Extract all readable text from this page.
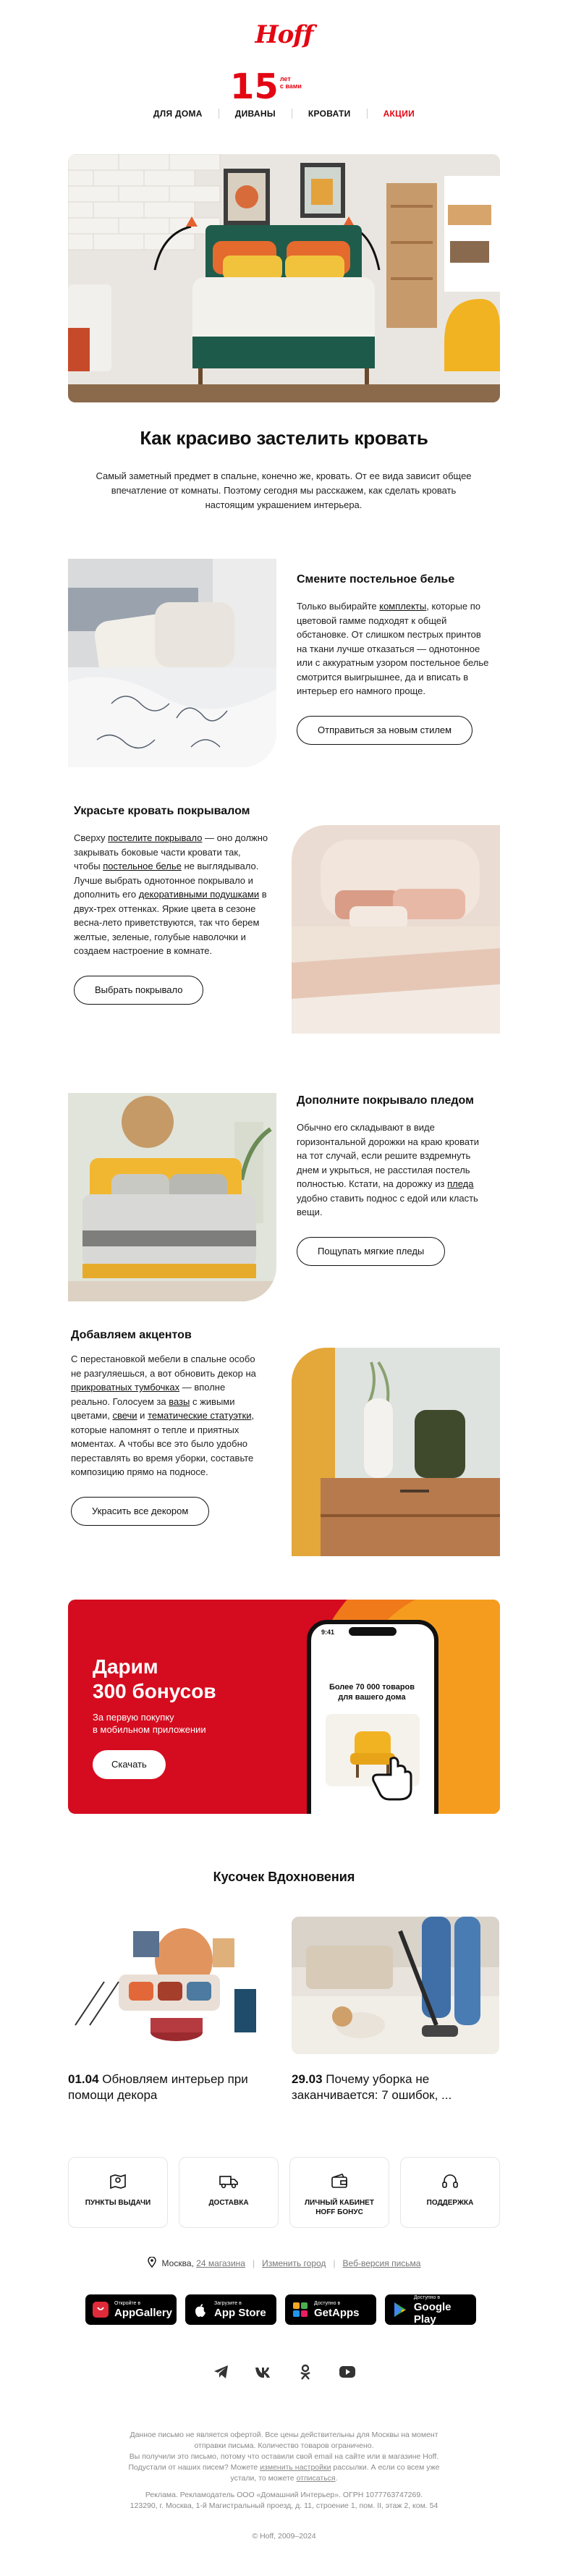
Hoff
15 лет
с вами
ДЛЯ ДОМА	ДИВАНЫ	КРОВАТИ	АКЦИИ
Как красиво застелить кровать
Самый заметный предмет в спальне, конечно же, кровать. От ее вида зависит общее впечатление от комнаты. Поэтому сегодня мы расскажем, как сделать кровать настоящим украшением интерьера.
Смените постельное белье

Только выбирайте комплекты, которые по цветовой гамме подходят к общей обстановке. От слишком пестрых принтов на ткани лучше отказаться — однотонное или с аккуратным узором постельное белье смотрится выигрышнее, да и вписать в интерьер его намного проще.

Отправиться за новым стилем
Украсьте кровать покрывалом

Сверху постелите покрывало — оно должно закрывать боковые части кровати так, чтобы постельное белье не выглядывало. Лучше выбрать однотонное покрывало и дополнить его декоративными подушками в двух-трех оттенках. Яркие цвета в сезоне весна-лето приветствуются, так что берем желтые, зеленые, голубые наволочки и создаем настроение в комнате.

Выбрать покрывало
Дополните покрывало пледом

Обычно его складывают в виде горизонтальной дорожки на краю кровати на тот случай, если решите вздремнуть днем и укрыться, не расстилая постель полностью. Кстати, на дорожку из пледа удобно ставить поднос с едой или класть вещи.

Пощупать мягкие пледы
Добавляем акцентов

С перестановкой мебели в спальне особо не разгуляешься, а вот обновить декор на прикроватных тумбочках — вполне реально. Голосуем за вазы с живыми цветами, свечи и тематические статуэтки, которые напомнят о тепле и приятных моментах. А чтобы все это было удобно переставлять во время уборки, составьте композицию прямо на подносе.

Украсить все декором
Дарим
300 бонусов
За первую покупку
в мобильном приложении
Скачать
9:41
Более 70 000 товаров для вашего дома
Кусочек Вдохновения
01.04 Обновляем интерьер при помощи декора
29.03 Почему уборка не заканчивается: 7 ошибок, ...
ПУНКТЫ ВЫДАЧИ	ДОСТАВКА	ЛИЧНЫЙ КАБИНЕТ
HOFF БОНУС
ПОДДЕРЖКА
Москва,
24 магазина | Изменить город | Веб-версия письма
Откройте в
AppGallery
Загрузите в
App Store
Доступно в
GetApps
Доступно в
Google Play
Данное письмо не является офертой. Все цены действительны для Москвы на момент
отправки письма. Количество товаров ограничено.
Вы получили это письмо, потому что оставили свой email на сайте или в магазине Hoff.
Подустали от наших писем? Можете изменить настройки рассылки. А если со всем уже
устали, то можете отписаться.
Реклама. Рекламодатель ООО «Домашний Интерьер». ОГРН 1077763747269.
123290, г. Москва, 1-й Магистральный проезд, д. 11, строение 1, пом. II, этаж 2, ком. 54
© Hoff, 2009–2024
